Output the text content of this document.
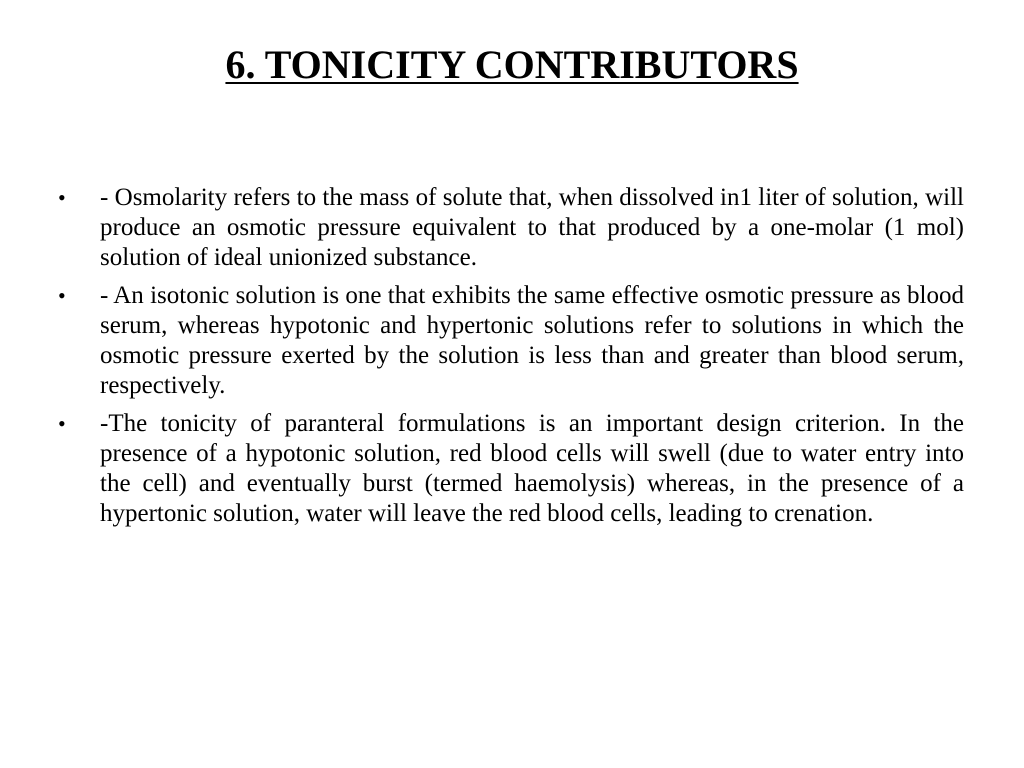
6. TONICITY CONTRIBUTORS
• - Osmolarity refers to the mass of solute that, when dissolved in1 liter of solution, will produce an osmotic pressure equivalent to that produced by a one-molar (1 mol) solution of ideal unionized substance.
• - An isotonic solution is one that exhibits the same effective osmotic pressure as blood serum, whereas hypotonic and hypertonic solutions refer to solutions in which the osmotic pressure exerted by the solution is less than and greater than blood serum, respectively.
• -The tonicity of paranteral formulations is an important design criterion. In the presence of a hypotonic solution, red blood cells will swell (due to water entry into the cell) and eventually burst (termed haemolysis) whereas, in the presence of a hypertonic solution, water will leave the red blood cells, leading to crenation.
